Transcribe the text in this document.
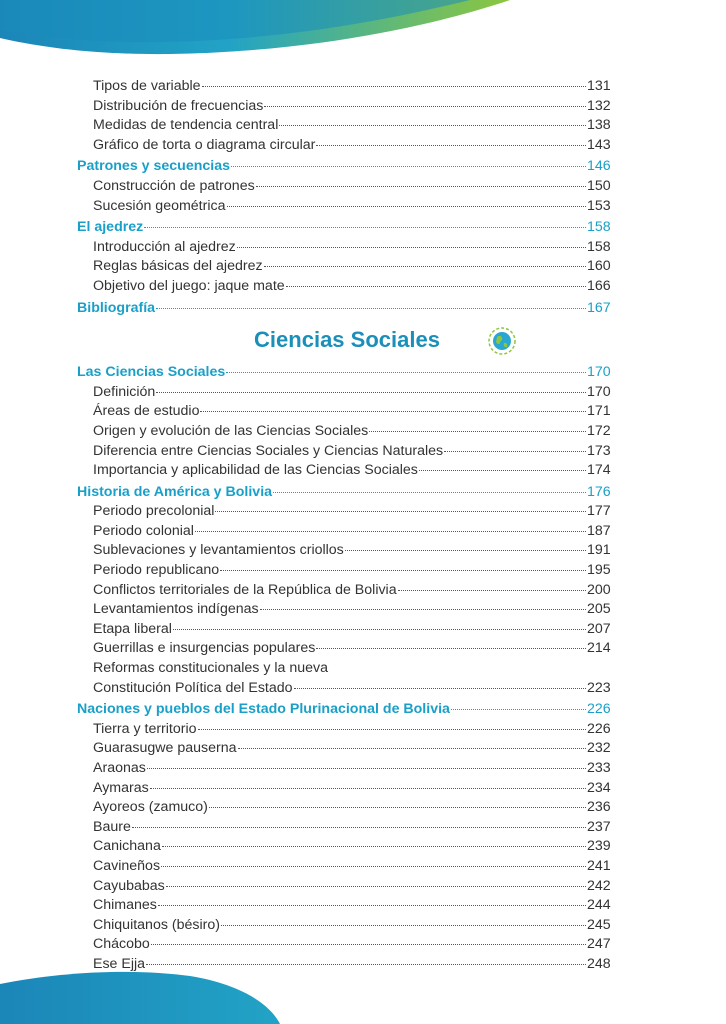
Tipos de variable	131
Distribución de frecuencias	132
Medidas de tendencia central	138
Gráfico de torta o diagrama circular	143
Patrones y secuencias	146
Construcción de patrones	150
Sucesión geométrica	153
El ajedrez	158
Introducción al ajedrez	158
Reglas básicas del ajedrez	160
Objetivo del juego: jaque mate	166
Bibliografía	167
Ciencias Sociales
Las Ciencias Sociales	170
Definición	170
Áreas de estudio	171
Origen y evolución de las Ciencias Sociales	172
Diferencia entre Ciencias Sociales y Ciencias Naturales	173
Importancia y aplicabilidad de las Ciencias Sociales	174
Historia de América y Bolivia	176
Periodo precolonial	177
Periodo colonial	187
Sublevaciones y levantamientos criollos	191
Periodo republicano	195
Conflictos territoriales de la República de Bolivia	200
Levantamientos indígenas	205
Etapa liberal	207
Guerrillas e insurgencias populares	214
Reformas constitucionales y la nueva
Constitución Política del Estado	223
Naciones y pueblos del Estado Plurinacional de Bolivia	226
Tierra y territorio	226
Guarasugwe pauserna	232
Araonas	233
Aymaras	234
Ayoreos (zamuco)	236
Baure	237
Canichana	239
Cavineños	241
Cayubabas	242
Chimanes	244
Chiquitanos (bésiro)	245
Chácobo	247
Ese Ejja	248
